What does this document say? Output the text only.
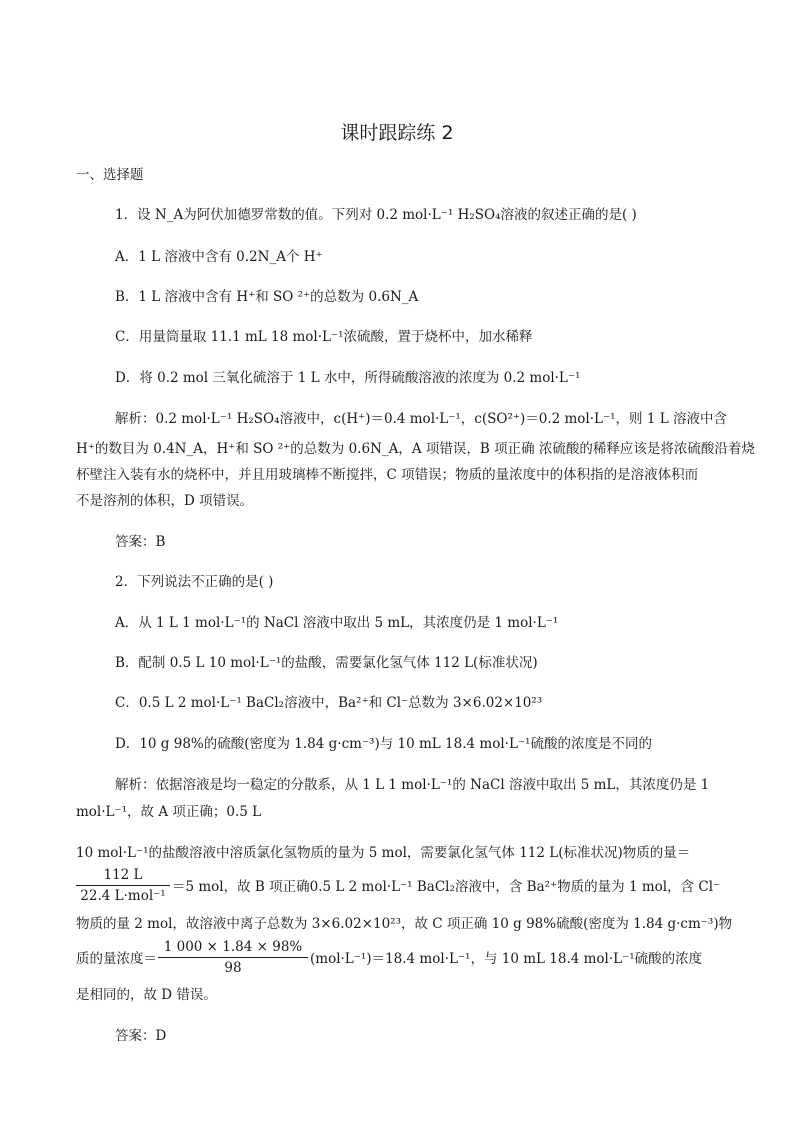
课时跟踪练 2
一、选择题
1．设 N_A为阿伏加德罗常数的值。下列对 0.2 mol·L⁻¹ H₂SO₄溶液的叙述正确的是( )
A．1 L 溶液中含有 0.2N_A个 H⁺
B．1 L 溶液中含有 H⁺和 SO ²⁺的总数为 0.6N_A
C．用量筒量取 11.1 mL 18 mol·L⁻¹浓硫酸，置于烧杯中，加水稀释
D．将 0.2 mol 三氧化硫溶于 1 L 水中，所得硫酸溶液的浓度为 0.2 mol·L⁻¹
解析：0.2 mol·L⁻¹ H₂SO₄溶液中，c(H⁺)＝0.4 mol·L⁻¹，c(SO²⁺)＝0.2 mol·L⁻¹，则 1 L 溶液中含
H⁺的数目为 0.4N_A，H⁺和 SO ²⁺的总数为 0.6N_A，A 项错误，B 项正确 浓硫酸的稀释应该是将浓硫酸沿着烧
杯壁注入装有水的烧杯中，并且用玻璃棒不断搅拌，C 项错误；物质的量浓度中的体积指的是溶液体积而
不是溶剂的体积，D 项错误。
答案：B
2．下列说法不正确的是( )
A．从 1 L 1 mol·L⁻¹的 NaCl 溶液中取出 5 mL，其浓度仍是 1 mol·L⁻¹
B．配制 0.5 L 10 mol·L⁻¹的盐酸，需要氯化氢气体 112 L(标准状况)
C．0.5 L 2 mol·L⁻¹ BaCl₂溶液中，Ba²⁺和 Cl⁻总数为 3×6.02×10²³
D．10 g 98%的硫酸(密度为 1.84 g·cm⁻³)与 10 mL 18.4 mol·L⁻¹硫酸的浓度是不同的
解析：依据溶液是均一稳定的分散系，从 1 L 1 mol·L⁻¹的 NaCl 溶液中取出 5 mL，其浓度仍是 1
mol·L⁻¹，故 A 项正确；0.5 L
10 mol·L⁻¹的盐酸溶液中溶质氯化氢物质的量为 5 mol，需要氯化氢气体 112 L(标准状况)物质的量＝
112 L
22.4 L·mol⁻¹
＝5 mol，故 B 项正确0.5 L 2 mol·L⁻¹ BaCl₂溶液中，含 Ba²⁺物质的量为 1 mol，含 Cl⁻
物质的量 2 mol，故溶液中离子总数为 3×6.02×10²³，故 C 项正确 10 g 98%硫酸(密度为 1.84 g·cm⁻³)物
质的量浓度＝
1 000 × 1.84 × 98%
98
(mol·L⁻¹)＝18.4 mol·L⁻¹，与 10 mL 18.4 mol·L⁻¹硫酸的浓度
是相同的，故 D 错误。
答案：D
